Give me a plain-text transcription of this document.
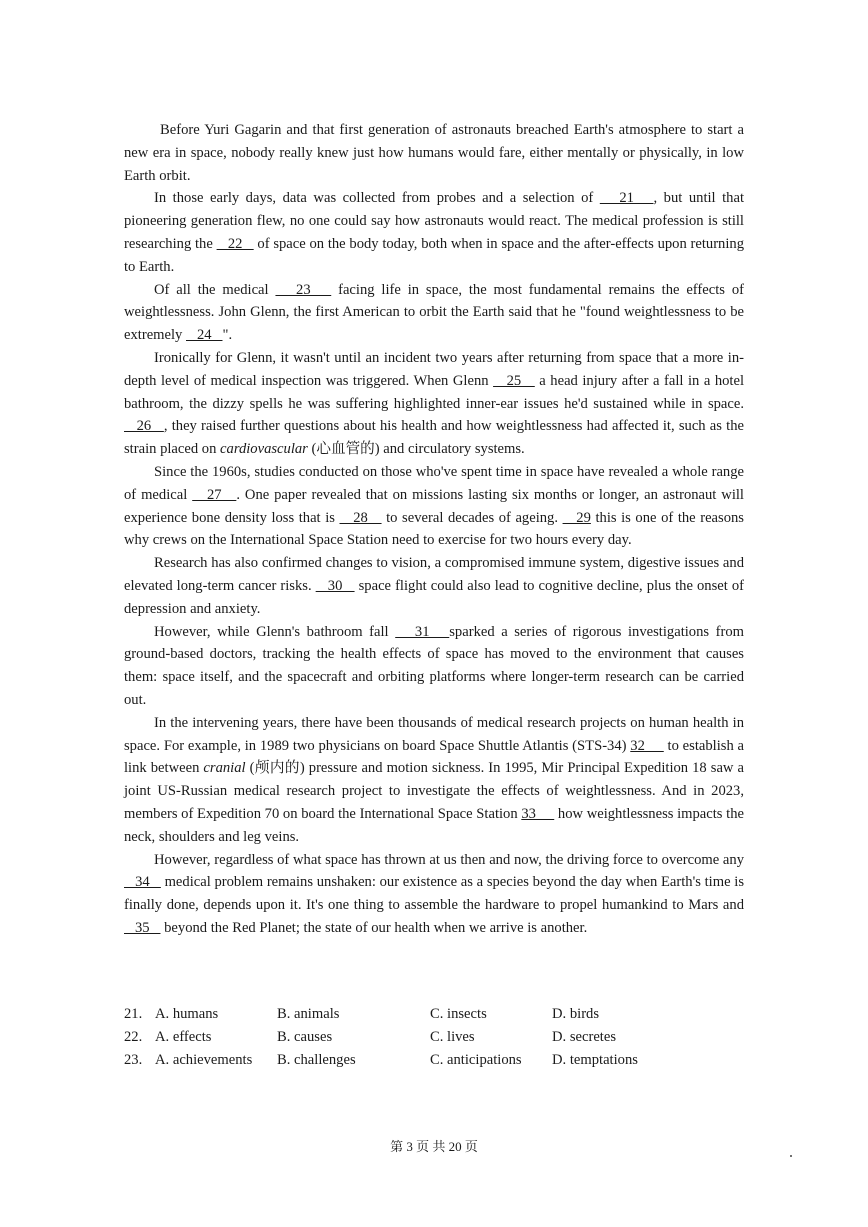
Before Yuri Gagarin and that first generation of astronauts breached Earth's atmosphere to start a new era in space, nobody really knew just how humans would fare, either mentally or physically, in low Earth orbit.

In those early days, data was collected from probes and a selection of    21   , but until that pioneering generation flew, no one could say how astronauts would react. The medical profession is still researching the    22    of space on the body today, both when in space and the after-effects upon returning to Earth.

Of all the medical    23    facing life in space, the most fundamental remains the effects of weightlessness. John Glenn, the first American to orbit the Earth said that he "found weightlessness to be extremely    24   ".

Ironically for Glenn, it wasn't until an incident two years after returning from space that a more in-depth level of medical inspection was triggered. When Glenn    25    a head injury after a fall in a hotel bathroom, the dizzy spells he was suffering highlighted inner-ear issues he'd sustained while in space.    26   , they raised further questions about his health and how weightlessness had affected it, such as the strain placed on cardiovascular (心血管的) and circulatory systems.

Since the 1960s, studies conducted on those who've spent time in space have revealed a whole range of medical    27   . One paper revealed that on missions lasting six months or longer, an astronaut will experience bone density loss that is    28    to several decades of ageing.    29 this is one of the reasons why crews on the International Space Station need to exercise for two hours every day.

Research has also confirmed changes to vision, a compromised immune system, digestive issues and elevated long-term cancer risks.    30    space flight could also lead to cognitive decline, plus the onset of depression and anxiety.

However, while Glenn's bathroom fall    31   sparked a series of rigorous investigations from ground-based doctors, tracking the health effects of space has moved to the environment that causes them: space itself, and the spacecraft and orbiting platforms where longer-term research can be carried out.

In the intervening years, there have been thousands of medical research projects on human health in space. For example, in 1989 two physicians on board Space Shuttle Atlantis (STS-34) 32      to establish a link between cranial (颅内的) pressure and motion sickness. In 1995, Mir Principal Expedition 18 saw a joint US-Russian medical research project to investigate the effects of weightlessness. And in 2023, members of Expedition 70 on board the International Space Station 33      how weightlessness impacts the neck, shoulders and leg veins.

However, regardless of what space has thrown at us then and now, the driving force to overcome any    34    medical problem remains unshaken: our existence as a species beyond the day when Earth's time is finally done, depends upon it. It's one thing to assemble the hardware to propel humankind to Mars and    35    beyond the Red Planet; the state of our health when we arrive is another.

21. A. humans	B. animals	C. insects	D. birds
22. A. effects	B. causes	C. lives	D. secretes
23. A. achievements	B. challenges	C. anticipations	D. temptations
第 3 页 共 20 页
